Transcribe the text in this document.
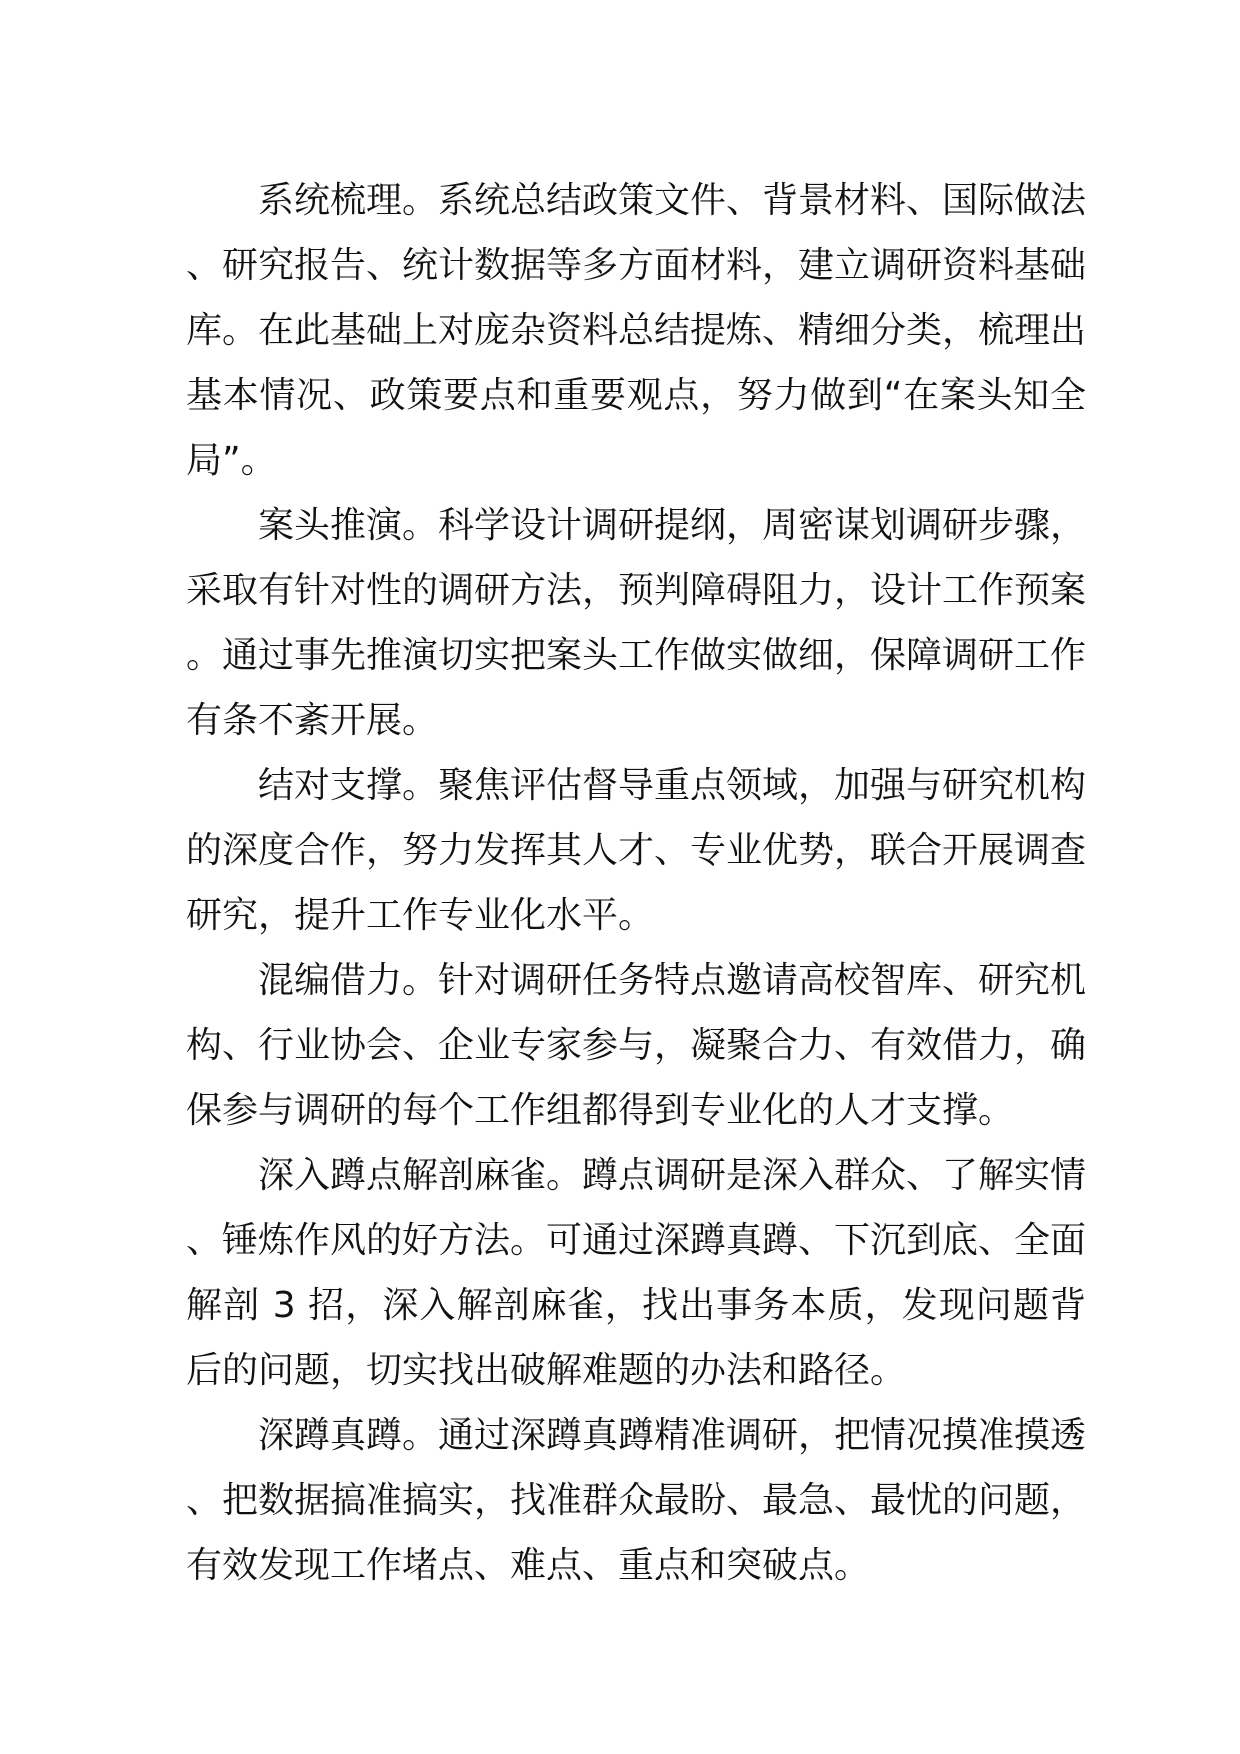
系统梳理。系统总结政策文件、背景材料、国际做法、研究报告、统计数据等多方面材料，建立调研资料基础库。在此基础上对庞杂资料总结提炼、精细分类，梳理出基本情况、政策要点和重要观点，努力做到“在案头知全局”。

案头推演。科学设计调研提纲，周密谋划调研步骤，采取有针对性的调研方法，预判障碍阻力，设计工作预案。通过事先推演切实把案头工作做实做细，保障调研工作有条不紊开展。

结对支撑。聚焦评估督导重点领域，加强与研究机构的深度合作，努力发挥其人才、专业优势，联合开展调查研究，提升工作专业化水平。

混编借力。针对调研任务特点邀请高校智库、研究机构、行业协会、企业专家参与，凝聚合力、有效借力，确保参与调研的每个工作组都得到专业化的人才支撑。

深入蹲点解剖麻雀。蹲点调研是深入群众、了解实情、锤炼作风的好方法。可通过深蹲真蹲、下沉到底、全面解剖 3 招，深入解剖麻雀，找出事务本质，发现问题背后的问题，切实找出破解难题的办法和路径。

深蹲真蹲。通过深蹲真蹲精准调研，把情况摸准摸透、把数据搞准搞实，找准群众最盼、最急、最忧的问题，有效发现工作堵点、难点、重点和突破点。
